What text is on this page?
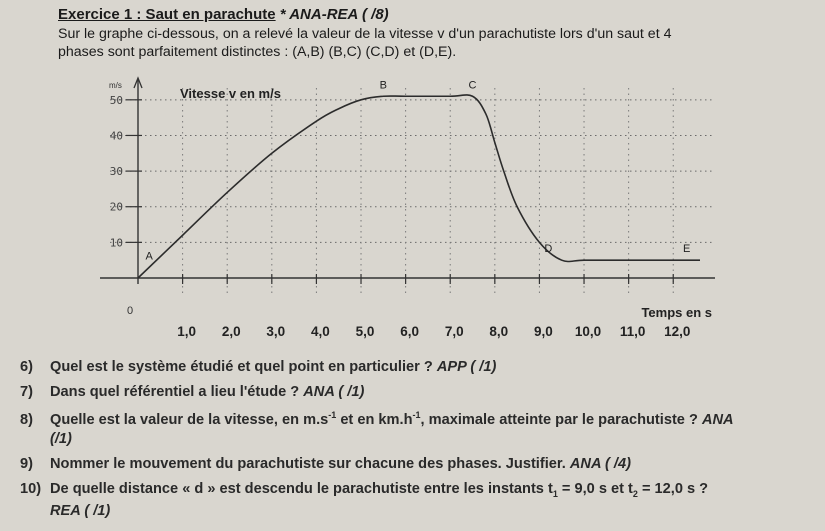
Exercice 1 : Saut en parachute * ANA-REA ( /8)
Sur le graphe ci-dessous, on a relevé la valeur de la vitesse v d'un parachutiste lors d'un saut et 4
phases sont parfaitement distinctes : (A,B) (B,C) (C,D) et (D,E).
10
20
30
40
50
1,0 2,0 3,0 4,0 5,0 6,0 7,0 8,0 9,0 10,0 11,0 12,0
0
Vitesse v en m/s
m/s
Temps en s
A
B	C
D	E
6) Quel est le système étudié et quel point en particulier ? APP ( /1)
7) Dans quel référentiel a lieu l'étude ? ANA ( /1)
8) Quelle est la valeur de la vitesse, en $m.s^{-1}$ et en $km.h^{-1}$, maximale atteinte par le parachutiste ? ANA
(/1)
9) Nommer le mouvement du parachutiste sur chacune des phases. Justifier. ANA ( /4)
10) De quelle distance « d » est descendu le parachutiste entre les instants $t_1 = 9,0$ s et $t_2 = 12,0$ s ?
REA ( /1)
